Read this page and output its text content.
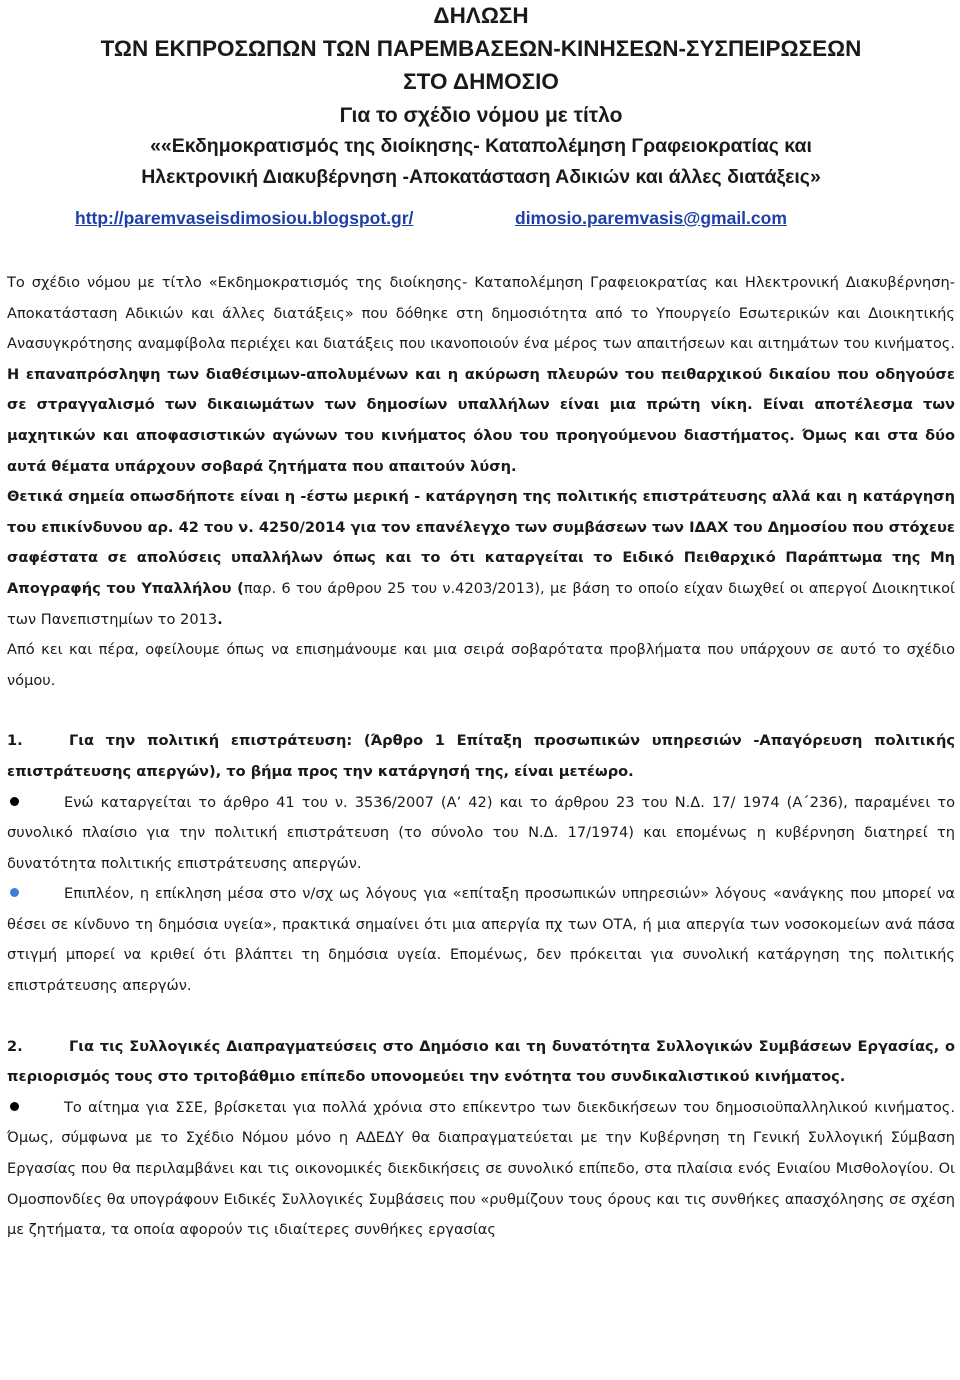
ΔΗΛΩΣΗ

ΤΩΝ ΕΚΠΡΟΣΩΠΩΝ ΤΩΝ ΠΑΡΕΜΒΑΣΕΩΝ-ΚΙΝΗΣΕΩΝ-ΣΥΣΠΕΙΡΩΣΕΩΝ

ΣΤΟ ΔΗΜΟΣΙΟ

Για το σχέδιο νόμου με τίτλο

««Εκδημοκρατισμός της διοίκησης- Καταπολέμηση Γραφειοκρατίας και

Ηλεκτρονική Διακυβέρνηση -Αποκατάσταση Αδικιών και άλλες διατάξεις»

http://paremvaseisdimosiou.blogspot.gr/	dimosio.paremvasis@gmail.com

Το σχέδιο νόμου με τίτλο «Εκδημοκρατισμός της διοίκησης- Καταπολέμηση Γραφειοκρατίας και Ηλεκτρονική Διακυβέρνηση-Αποκατάσταση Αδικιών και άλλες διατάξεις» που δόθηκε στη δημοσιότητα από το Υπουργείο Εσωτερικών και Διοικητικής Ανασυγκρότησης αναμφίβολα περιέχει και διατάξεις που ικανοποιούν ένα μέρος των απαιτήσεων και αιτημάτων του κινήματος. Η επαναπρόσληψη των διαθέσιμων-απολυμένων και η ακύρωση πλευρών του πειθαρχικού δικαίου που οδηγούσε σε στραγγαλισμό των δικαιωμάτων των δημοσίων υπαλλήλων είναι μια πρώτη νίκη. Είναι αποτέλεσμα των μαχητικών και αποφασιστικών αγώνων του κινήματος όλου του προηγούμενου διαστήματος. Όμως και στα δύο αυτά θέματα υπάρχουν σοβαρά ζητήματα που απαιτούν λύση.

Θετικά σημεία οπωσδήποτε είναι η -έστω μερική - κατάργηση της πολιτικής επιστράτευσης αλλά και η κατάργηση του επικίνδυνου αρ. 42 του ν. 4250/2014 για τον επανέλεγχο των συμβάσεων των ΙΔΑΧ του Δημοσίου που στόχευε σαφέστατα σε απολύσεις υπαλλήλων όπως και το ότι καταργείται το Ειδικό Πειθαρχικό Παράπτωμα της Μη Απογραφής του Υπαλλήλου (παρ. 6 του άρθρου 25 του ν.4203/2013), με βάση το οποίο είχαν διωχθεί οι απεργοί Διοικητικοί των Πανεπιστημίων το 2013.

Από κει και πέρα, οφείλουμε όπως να επισημάνουμε και μια σειρά σοβαρότατα προβλήματα που υπάρχουν σε αυτό το σχέδιο νόμου.

1.	Για την πολιτική επιστράτευση: (Άρθρο 1 Επίταξη προσωπικών υπηρεσιών -Απαγόρευση πολιτικής επιστράτευσης απεργών), το βήμα προς την κατάργησή της, είναι μετέωρο.

Ενώ καταργείται το άρθρο 41 του ν. 3536/2007 (Α’ 42) και το άρθρου 23 του Ν.Δ. 17/ 1974 (Α΄236), παραμένει το συνολικό πλαίσιο για την πολιτική επιστράτευση (το σύνολο του Ν.Δ. 17/1974) και επομένως η κυβέρνηση διατηρεί τη δυνατότητα πολιτικής επιστράτευσης απεργών.

Επιπλέον, η επίκληση μέσα στο ν/σχ ως λόγους για «επίταξη προσωπικών υπηρεσιών» λόγους «ανάγκης που μπορεί να θέσει σε κίνδυνο τη δημόσια υγεία», πρακτικά σημαίνει ότι μια απεργία πχ των ΟΤΑ, ή μια απεργία των νοσοκομείων ανά πάσα στιγμή μπορεί να κριθεί ότι βλάπτει τη δημόσια υγεία. Επομένως, δεν πρόκειται για συνολική κατάργηση της πολιτικής επιστράτευσης απεργών.

2.	Για τις Συλλογικές Διαπραγματεύσεις στο Δημόσιο και τη δυνατότητα Συλλογικών Συμβάσεων Εργασίας, ο περιορισμός τους στο τριτοβάθμιο επίπεδο υπονομεύει την ενότητα του συνδικαλιστικού κινήματος.

Το αίτημα για ΣΣΕ, βρίσκεται για πολλά χρόνια στο επίκεντρο των διεκδικήσεων του δημοσιοϋπαλληλικού κινήματος. Όμως, σύμφωνα με το Σχέδιο Νόμου μόνο η ΑΔΕΔΥ θα διαπραγματεύεται με την Κυβέρνηση τη Γενική Συλλογική Σύμβαση Εργασίας που θα περιλαμβάνει και τις οικονομικές διεκδικήσεις σε συνολικό επίπεδο, στα πλαίσια ενός Ενιαίου Μισθολογίου. Οι Ομοσπονδίες θα υπογράφουν Ειδικές Συλλογικές Συμβάσεις που «ρυθμίζουν τους όρους και τις συνθήκες απασχόλησης σε σχέση με ζητήματα, τα οποία αφορούν τις ιδιαίτερες συνθήκες εργασίας
